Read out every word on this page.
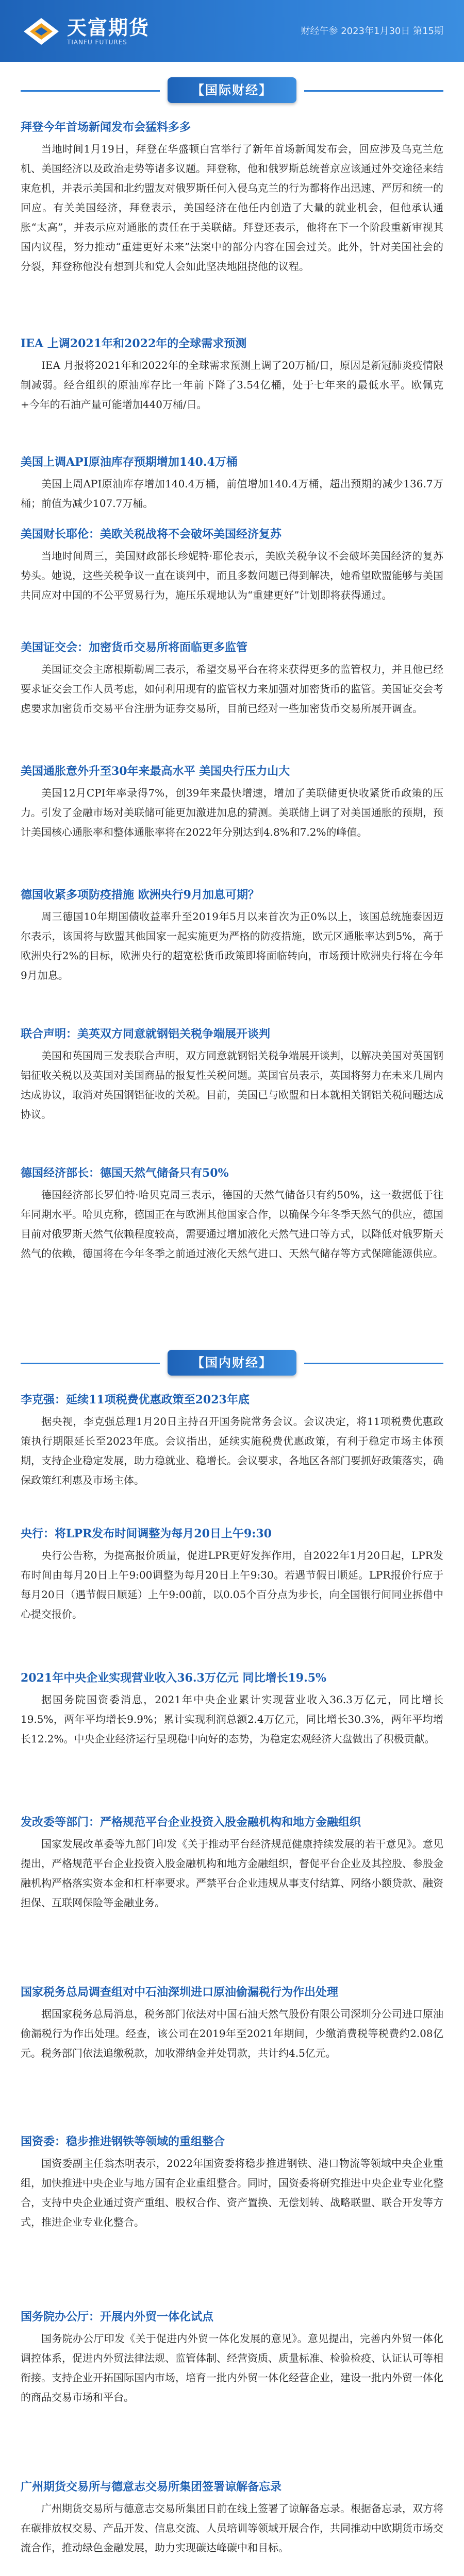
天富期货
TIANFU FUTURES
财经午参 2023年1月30日 第15期
【国际财经】
拜登今年首场新闻发布会猛料多多

当地时间1月19日，拜登在华盛顿白宫举行了新年首场新闻发布会，回应涉及乌克兰危机、美国经济以及政治走势等诸多议题。拜登称，他和俄罗斯总统普京应该通过外交途径来结束危机，并表示美国和北约盟友对俄罗斯任何入侵乌克兰的行为都将作出迅速、严厉和统一的回应。有关美国经济，拜登表示，美国经济在他任内创造了大量的就业机会，但他承认通胀“太高”，并表示应对通胀的责任在于美联储。拜登还表示，他将在下一个阶段重新审视其国内议程，努力推动“重建更好未来”法案中的部分内容在国会过关。此外，针对美国社会的分裂，拜登称他没有想到共和党人会如此坚决地阻挠他的议程。

IEA 上调2021年和2022年的全球需求预测

IEA 月报将2021年和2022年的全球需求预测上调了20万桶/日，原因是新冠肺炎疫情限制减弱。经合组织的原油库存比一年前下降了3.54亿桶，处于七年来的最低水平。欧佩克+今年的石油产量可能增加440万桶/日。

美国上调API原油库存预期增加140.4万桶

美国上周API原油库存增加140.4万桶，前值增加140.4万桶，超出预期的减少136.7万桶；前值为减少107.7万桶。

美国财长耶伦：美欧关税战将不会破坏美国经济复苏

当地时间周三，美国财政部长珍妮特·耶伦表示，美欧关税争议不会破坏美国经济的复苏势头。她说，这些关税争议一直在谈判中，而且多数问题已得到解决，她希望欧盟能够与美国共同应对中国的不公平贸易行为，施压乐观地认为“重建更好”计划即将获得通过。

美国证交会：加密货币交易所将面临更多监管

美国证交会主席根斯勒周三表示，希望交易平台在将来获得更多的监管权力，并且他已经要求证交会工作人员考虑，如何利用现有的监管权力来加强对加密货币的监管。美国证交会考虑要求加密货币交易平台注册为证券交易所，目前已经对一些加密货币交易所展开调查。

美国通胀意外升至30年来最高水平 美国央行压力山大

美国12月CPI年率录得7%，创39年来最快增速，增加了美联储更快收紧货币政策的压力。引发了金融市场对美联储可能更加激进加息的猜测。美联储上调了对美国通胀的预期，预计美国核心通胀率和整体通胀率将在2022年分别达到4.8%和7.2%的峰值。

德国收紧多项防疫措施 欧洲央行9月加息可期？

周三德国10年期国债收益率升至2019年5月以来首次为正0%以上，该国总统施泰因迈尔表示，该国将与欧盟其他国家一起实施更为严格的防疫措施，欧元区通胀率达到5%，高于欧洲央行2%的目标，欧洲央行的超宽松货币政策即将面临转向，市场预计欧洲央行将在今年9月加息。

联合声明：美英双方同意就钢铝关税争端展开谈判

美国和英国周三发表联合声明，双方同意就钢铝关税争端展开谈判，以解决美国对英国钢铝征收关税以及英国对美国商品的报复性关税问题。英国官员表示，英国将努力在未来几周内达成协议，取消对英国钢铝征收的关税。目前，美国已与欧盟和日本就相关钢铝关税问题达成协议。

德国经济部长：德国天然气储备只有50%

德国经济部长罗伯特·哈贝克周三表示，德国的天然气储备只有约50%，这一数据低于往年同期水平。哈贝克称，德国正在与欧洲其他国家合作，以确保今年冬季天然气的供应，德国目前对俄罗斯天然气依赖程度较高，需要通过增加液化天然气进口等方式，以降低对俄罗斯天然气的依赖，德国将在今年冬季之前通过液化天然气进口、天然气储存等方式保障能源供应。

【国内财经】
李克强：延续11项税费优惠政策至2023年底

据央视，李克强总理1月20日主持召开国务院常务会议。会议决定，将11项税费优惠政策执行期限延长至2023年底。会议指出，延续实施税费优惠政策，有利于稳定市场主体预期，支持企业稳定发展，助力稳就业、稳增长。会议要求，各地区各部门要抓好政策落实，确保政策红利惠及市场主体。

央行：将LPR发布时间调整为每月20日上午9:30

央行公告称，为提高报价质量，促进LPR更好发挥作用，自2022年1月20日起，LPR发布时间由每月20日上午9:00调整为每月20日上午9:30。若遇节假日顺延。LPR报价行应于每月20日（遇节假日顺延）上午9:00前，以0.05个百分点为步长，向全国银行间同业拆借中心提交报价。

2021年中央企业实现营业收入36.3万亿元 同比增长19.5%

据国务院国资委消息，2021年中央企业累计实现营业收入36.3万亿元，同比增长19.5%，两年平均增长9.9%；累计实现利润总额2.4万亿元，同比增长30.3%，两年平均增长12.2%。中央企业经济运行呈现稳中向好的态势，为稳定宏观经济大盘做出了积极贡献。

发改委等部门：严格规范平台企业投资入股金融机构和地方金融组织

国家发展改革委等九部门印发《关于推动平台经济规范健康持续发展的若干意见》。意见提出，严格规范平台企业投资入股金融机构和地方金融组织，督促平台企业及其控股、参股金融机构严格落实资本金和杠杆率要求。严禁平台企业违规从事支付结算、网络小额贷款、融资担保、互联网保险等金融业务。

国家税务总局调查组对中石油深圳进口原油偷漏税行为作出处理

据国家税务总局消息，税务部门依法对中国石油天然气股份有限公司深圳分公司进口原油偷漏税行为作出处理。经查，该公司在2019年至2021年期间，少缴消费税等税费约2.08亿元。税务部门依法追缴税款，加收滞纳金并处罚款，共计约4.5亿元。

国资委：稳步推进钢铁等领域的重组整合

国资委副主任翁杰明表示，2022年国资委将稳步推进钢铁、港口物流等领域中央企业重组，加快推进中央企业与地方国有企业重组整合。同时，国资委将研究推进中央企业专业化整合，支持中央企业通过资产重组、股权合作、资产置换、无偿划转、战略联盟、联合开发等方式，推进企业专业化整合。

国务院办公厅：开展内外贸一体化试点

国务院办公厅印发《关于促进内外贸一体化发展的意见》。意见提出，完善内外贸一体化调控体系，促进内外贸法律法规、监管体制、经营资质、质量标准、检验检疫、认证认可等相衔接。支持企业开拓国际国内市场，培育一批内外贸一体化经营企业，建设一批内外贸一体化的商品交易市场和平台。

广州期货交易所与德意志交易所集团签署谅解备忘录

广州期货交易所与德意志交易所集团日前在线上签署了谅解备忘录。根据备忘录，双方将在碳排放权交易、产品开发、信息交流、人员培训等领域开展合作，共同推动中欧期货市场交流合作，推动绿色金融发展，助力实现碳达峰碳中和目标。
